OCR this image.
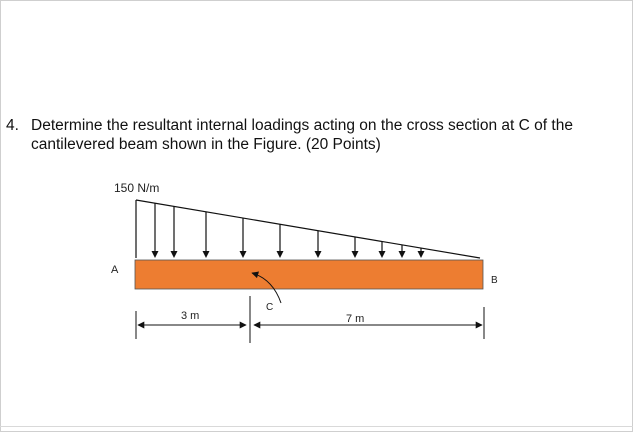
4. Determine the resultant internal loadings acting on the cross section at C of the
cantilevered beam shown in the Figure. (20 Points)
150 N/m
A
B
C
3 m	7 m
